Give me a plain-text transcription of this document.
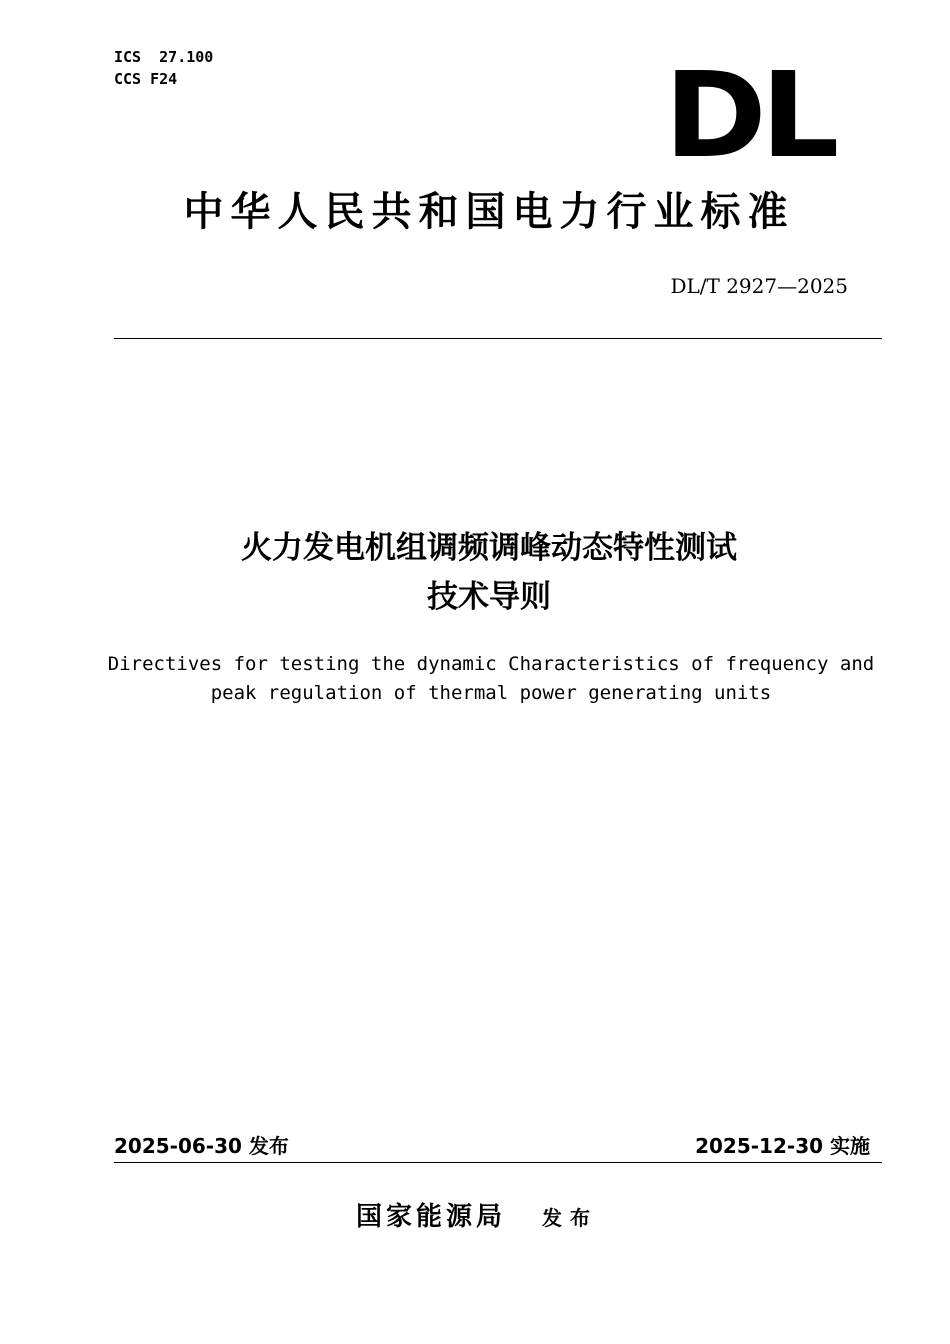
ICS  27.100
CCS F24	DL
中华人民共和国电力行业标准
DL/T 2927—2025
火力发电机组调频调峰动态特性测试
技术导则
Directives for testing the dynamic Characteristics of frequency and
peak regulation of thermal power generating units
2025-06-30 发布	2025-12-30 实施
国家能源局 发布
